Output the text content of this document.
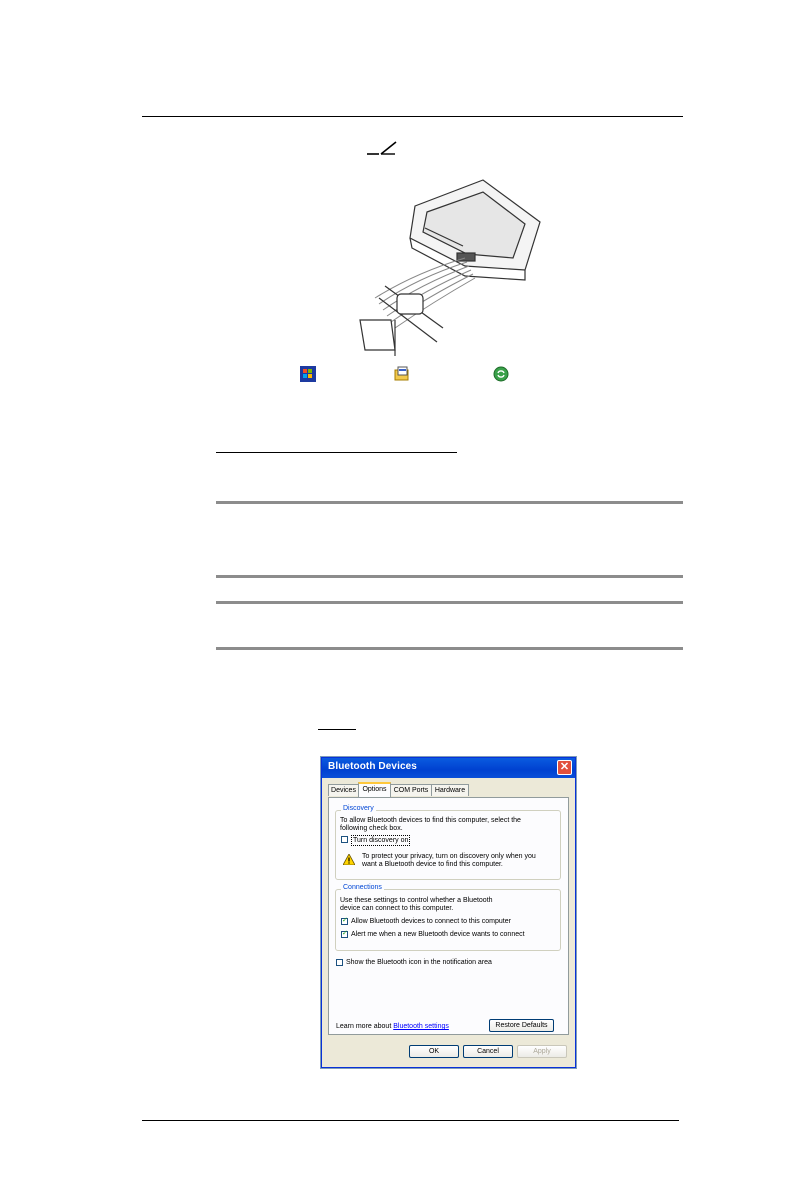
Bluetooth Devices	✕
Devices Options	COM Ports Hardware
Discovery
To allow Bluetooth devices to find this computer, select the
following check box.
Turn discovery on
To protect your privacy, turn on discovery only when you
want a Bluetooth device to find this computer.
Connections
Use these settings to control whether a Bluetooth
device can connect to this computer.
✓
Allow Bluetooth devices to connect to this computer
✓
Alert me when a new Bluetooth device wants to connect
Show the Bluetooth icon in the notification area
Learn more about Bluetooth settings	Restore Defaults
OK	Cancel	Apply
